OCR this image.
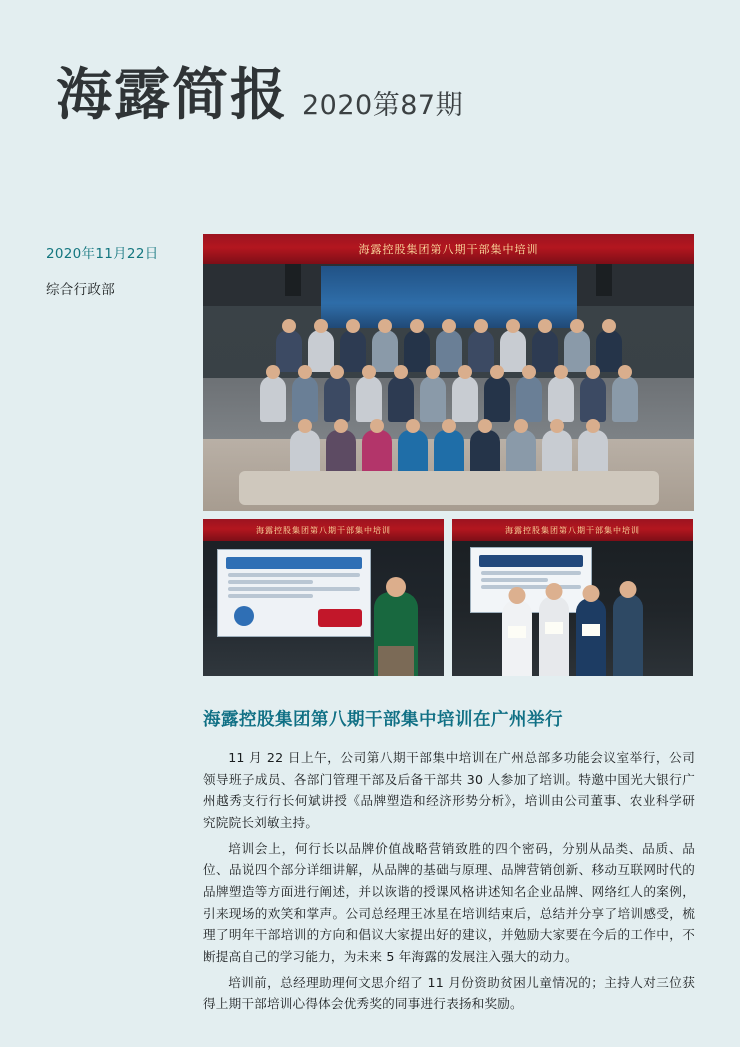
海露简报 2020第87期
2020年11月22日
综合行政部
海露控股集团第八期干部集中培训
海露控股集团第八期干部集中培训	海露控股集团第八期干部集中培训
海露控股集团第八期干部集中培训在广州举行

11 月 22 日上午，公司第八期干部集中培训在广州总部多功能会议室举行，公司领导班子成员、各部门管理干部及后备干部共 30 人参加了培训。特邀中国光大银行广州越秀支行行长何斌讲授《品牌塑造和经济形势分析》，培训由公司董事、农业科学研究院院长刘敏主持。

培训会上，何行长以品牌价值战略营销致胜的四个密码，分别从品类、品质、品位、品说四个部分详细讲解，从品牌的基础与原理、品牌营销创新、移动互联网时代的品牌塑造等方面进行阐述，并以诙谐的授课风格讲述知名企业品牌、网络红人的案例，引来现场的欢笑和掌声。公司总经理王冰星在培训结束后，总结并分享了培训感受，梳理了明年干部培训的方向和倡议大家提出好的建议，并勉励大家要在今后的工作中，不断提高自己的学习能力，为未来 5 年海露的发展注入强大的动力。

培训前，总经理助理何文思介绍了 11 月份资助贫困儿童情况的；主持人对三位获得上期干部培训心得体会优秀奖的同事进行表扬和奖励。
